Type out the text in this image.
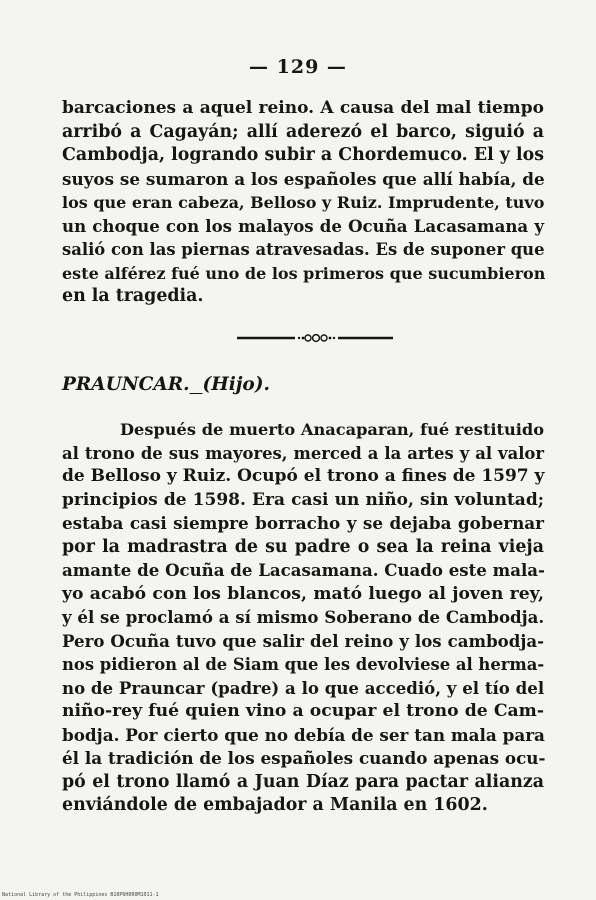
— 129 —
barcaciones a aquel reino. A causa del mal tiempo
arribó a Cagayán; allí aderezó el barco, siguió a
Cambodja, logrando subir a Chordemuco. El y los
suyos se sumaron a los españoles que allí había, de
los que eran cabeza, Belloso y Ruiz. Imprudente, tuvo
un choque con los malayos de Ocuña Lacasamana y
salió con las piernas atravesadas. Es de suponer que
este alférez fué uno de los primeros que sucumbieron
en la tragedia.
PRAUNCAR. (Hijo).
Después de muerto Anacaparan, fué restituido
al trono de sus mayores, merced a la artes y al valor
de Belloso y Ruiz. Ocupó el trono a fines de 1597 y
principios de 1598. Era casi un niño, sin voluntad;
estaba casi siempre borracho y se dejaba gobernar
por la madrastra de su padre o sea la reina vieja
amante de Ocuña de Lacasamana. Cuado este mala-
yo acabó con los blancos, mató luego al joven rey,
y él se proclamó a sí mismo Soberano de Cambodja.
Pero Ocuña tuvo que salir del reino y los cambodja-
nos pidieron al de Siam que les devolviese al herma-
no de Prauncar (padre) a lo que accedió, y el tío del
niño-rey fué quien vino a ocupar el trono de Cam-
bodja. Por cierto que no debía de ser tan mala para
él la tradición de los españoles cuando apenas ocu-
pó el trono llamó a Juan Díaz para pactar alianza
enviándole de embajador a Manila en 1602.
National Library of the Philippines B10P6H0R0M1011-1
